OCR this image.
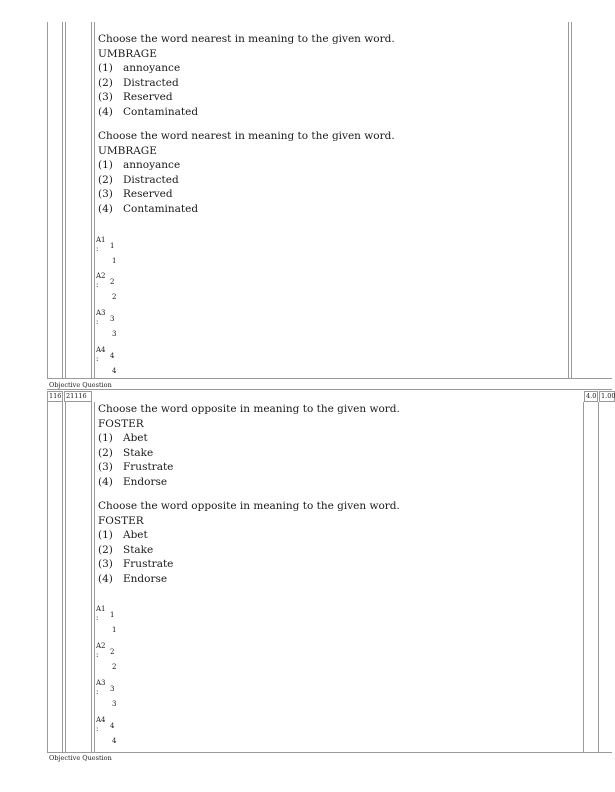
Objective Question
116 21116	4.0 1.00
Objective Question
Choose the word nearest in meaning to the given word.
UMBRAGE
(1) annoyance
(2) Distracted
(3) Reserved
(4) Contaminated
Choose the word nearest in meaning to the given word.
UMBRAGE
(1) annoyance
(2) Distracted
(3) Reserved
(4) Contaminated
A1
: 1
1
A2
: 2
2
A3
: 3
3
A4
: 4
4
Choose the word opposite in meaning to the given word.
FOSTER
(1) Abet
(2) Stake
(3) Frustrate
(4) Endorse
Choose the word opposite in meaning to the given word.
FOSTER
(1) Abet
(2) Stake
(3) Frustrate
(4) Endorse
A1
: 1
1
A2
: 2
2
A3
: 3
3
A4
: 4
4
